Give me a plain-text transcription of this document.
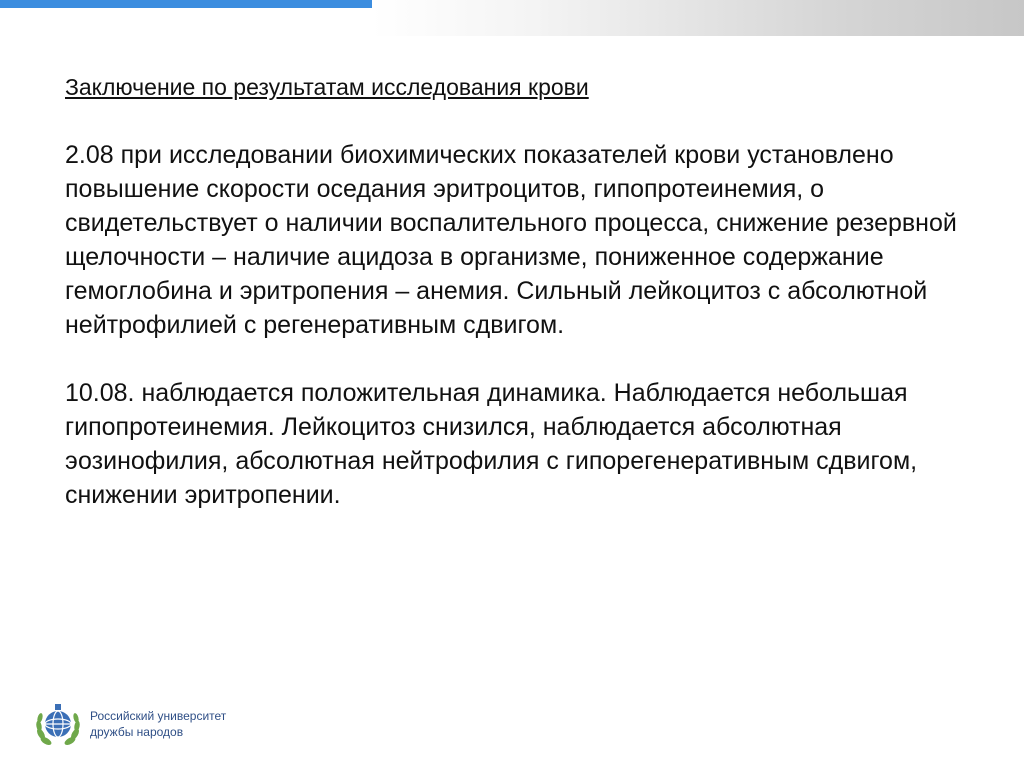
Заключение по результатам исследования крови

2.08 при исследовании биохимических показателей крови установлено повышение скорости оседания эритроцитов, гипопротеинемия, о свидетельствует о наличии воспалительного процесса, снижение резервной щелочности – наличие ацидоза в организме, пониженное содержание гемоглобина и эритропения – анемия. Сильный лейкоцитоз с абсолютной нейтрофилией с регенеративным сдвигом.

10.08. наблюдается положительная динамика. Наблюдается небольшая гипопротеинемия. Лейкоцитоз снизился, наблюдается абсолютная эозинофилия, абсолютная нейтрофилия с гипорегенеративным сдвигом, снижении эритропении.

Российский университет
дружбы народов
